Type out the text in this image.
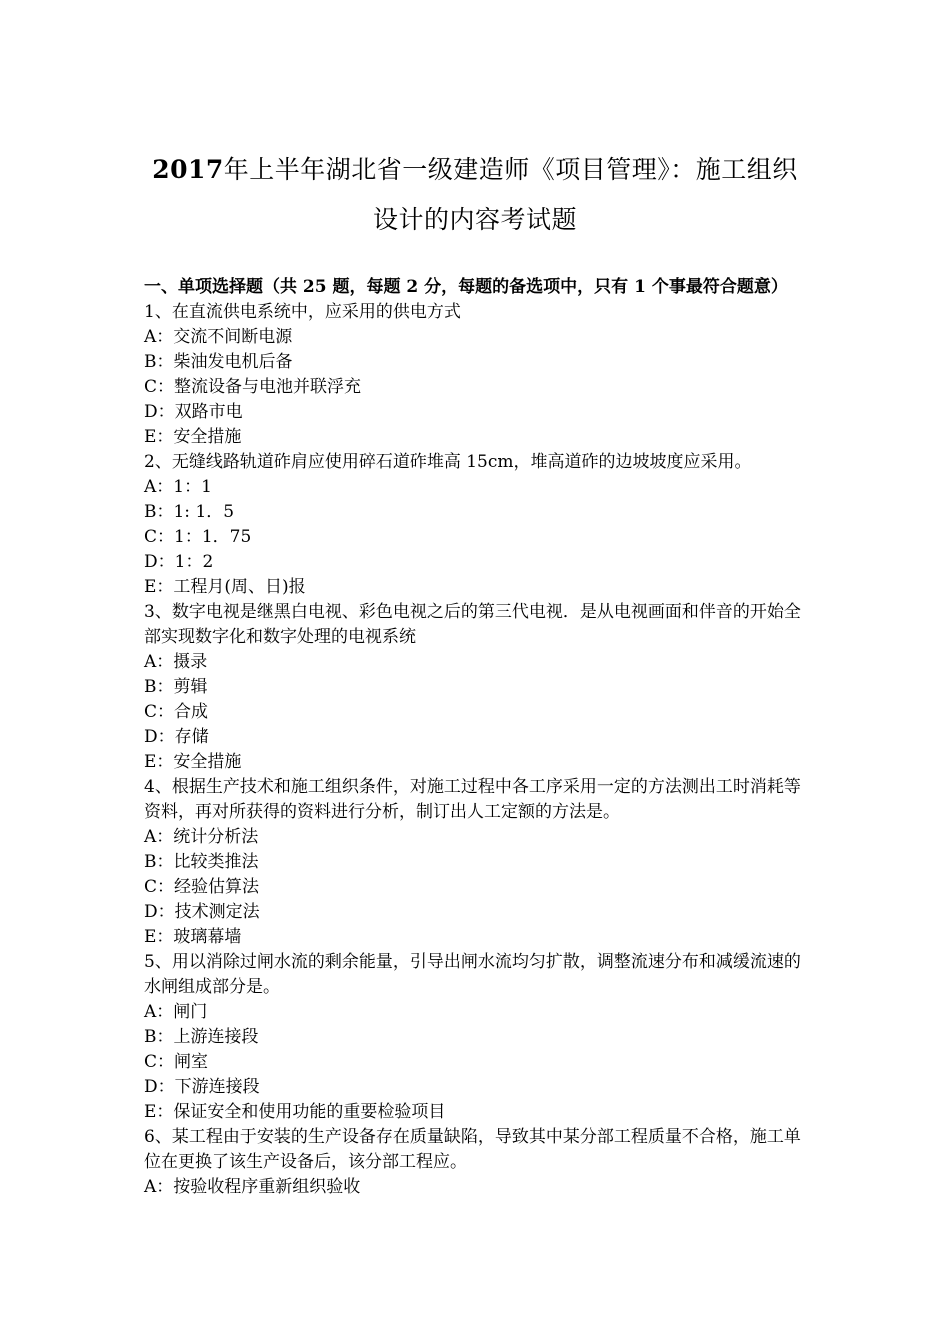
2017年上半年湖北省一级建造师《项目管理》：施工组织
设计的内容考试题
一、单项选择题（共 25 题，每题 2 分，每题的备选项中，只有 1 个事最符合题意）
1、在直流供电系统中，应采用的供电方式
A：交流不间断电源
B：柴油发电机后备
C：整流设备与电池并联浮充
D：双路市电
E：安全措施
2、无缝线路轨道砟肩应使用碎石道砟堆高 15cm，堆高道砟的边坡坡度应采用。
A：1：1
B：1: 1．5
C：1：1．75
D：1：2
E：工程月(周、日)报
3、数字电视是继黑白电视、彩色电视之后的第三代电视．是从电视画面和伴音的开始全部实现数字化和数字处理的电视系统
A：摄录
B：剪辑
C：合成
D：存储
E：安全措施
4、根据生产技术和施工组织条件，对施工过程中各工序采用一定的方法测出工时消耗等资料，再对所获得的资料进行分析，制订出人工定额的方法是。
A：统计分析法
B：比较类推法
C：经验估算法
D：技术测定法
E：玻璃幕墙
5、用以消除过闸水流的剩余能量，引导出闸水流均匀扩散，调整流速分布和减缓流速的水闸组成部分是。
A：闸门
B：上游连接段
C：闸室
D：下游连接段
E：保证安全和使用功能的重要检验项目
6、某工程由于安装的生产设备存在质量缺陷，导致其中某分部工程质量不合格，施工单位在更换了该生产设备后，该分部工程应。
A：按验收程序重新组织验收
